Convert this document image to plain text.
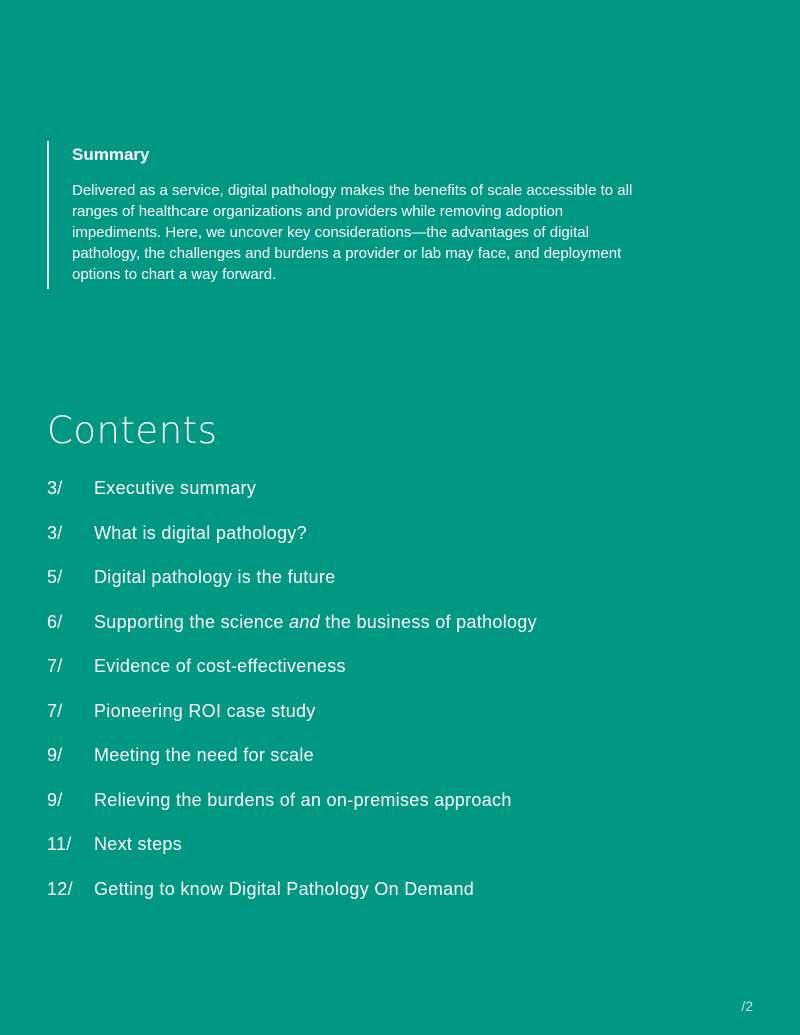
Summary
Delivered as a service, digital pathology makes the benefits of scale accessible to all ranges of healthcare organizations and providers while removing adoption impediments. Here, we uncover key considerations—the advantages of digital pathology, the challenges and burdens a provider or lab may face, and deployment options to chart a way forward.
Contents
3/	Executive summary
3/	What is digital pathology?
5/	Digital pathology is the future
6/	Supporting the science and the business of pathology
7/	Evidence of cost-effectiveness
7/	Pioneering ROI case study
9/	Meeting the need for scale
9/	Relieving the burdens of an on-premises approach
11/	Next steps
12/	Getting to know Digital Pathology On Demand
/2
